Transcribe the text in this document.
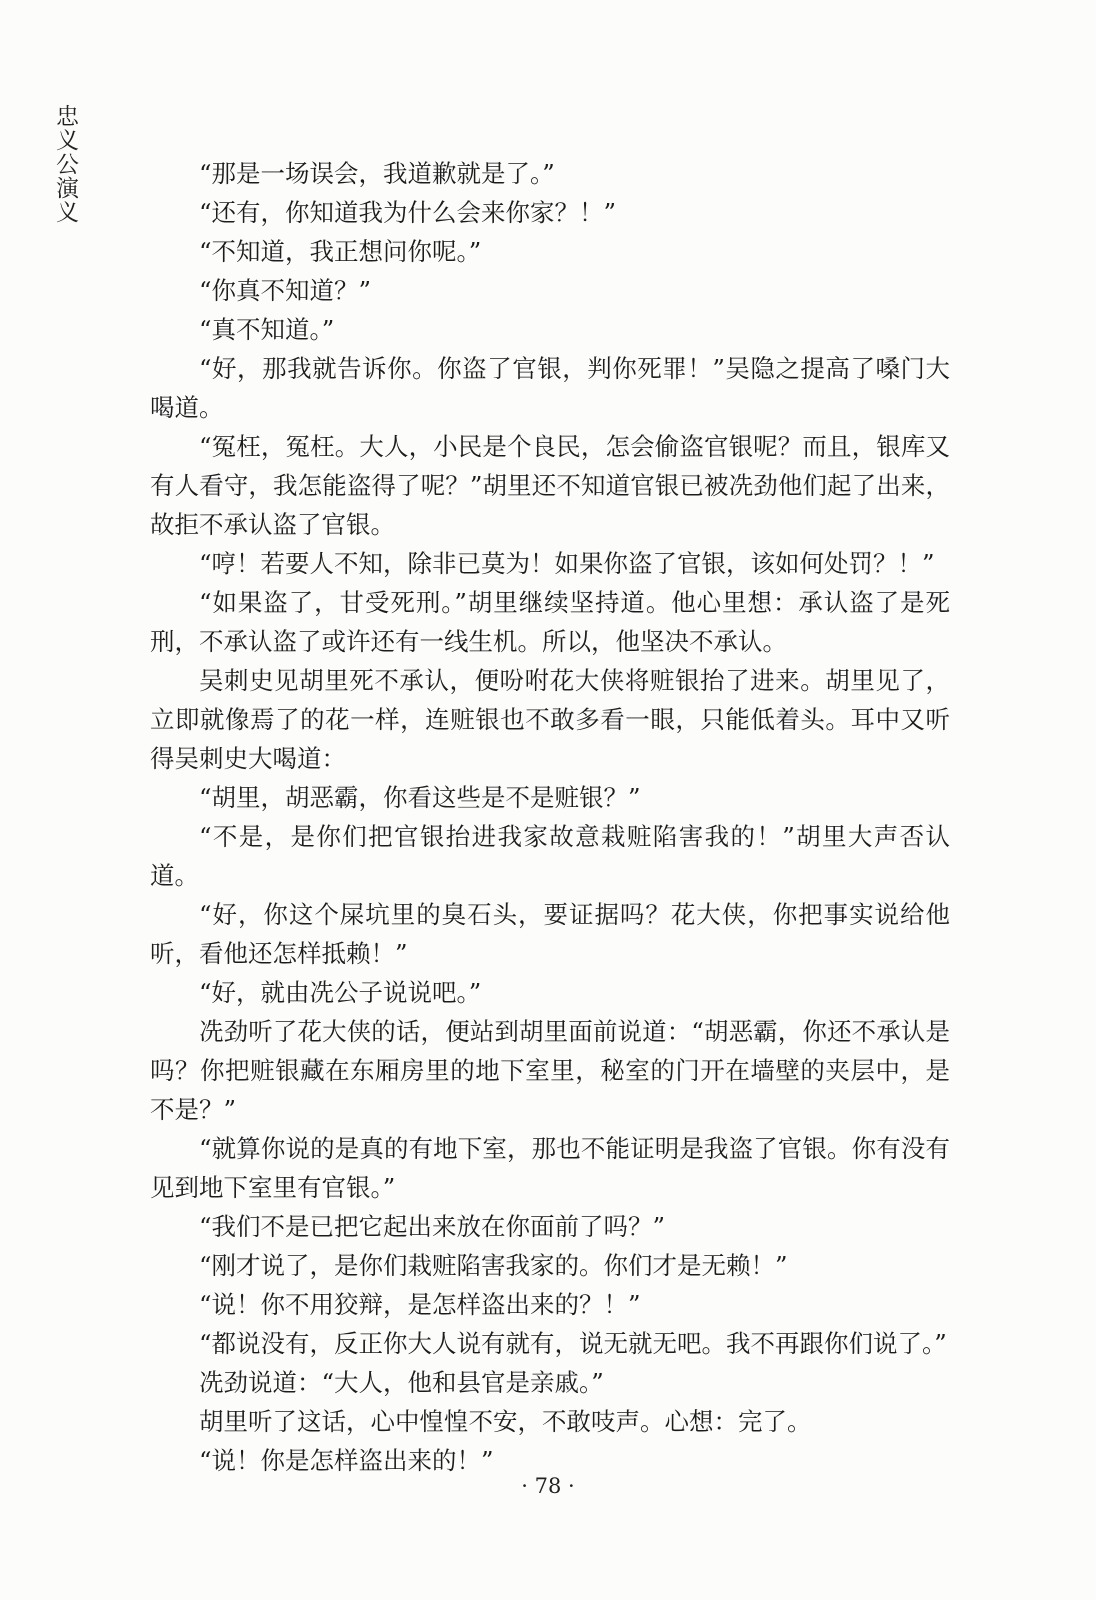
忠义公演义	“那是一场误会，我道歉就是了。”

“还有，你知道我为什么会来你家？！”

“不知道，我正想问你呢。”

“你真不知道？”

“真不知道。”

“好，那我就告诉你。你盗了官银，判你死罪！”吴隐之提高了嗓门大喝道。

“冤枉，冤枉。大人，小民是个良民，怎会偷盗官银呢？而且，银库又有人看守，我怎能盗得了呢？”胡里还不知道官银已被冼劲他们起了出来，故拒不承认盗了官银。

“哼！若要人不知，除非已莫为！如果你盗了官银，该如何处罚？！”

“如果盗了，甘受死刑。”胡里继续坚持道。他心里想：承认盗了是死刑，不承认盗了或许还有一线生机。所以，他坚决不承认。

吴刺史见胡里死不承认，便吩咐花大侠将赃银抬了进来。胡里见了，立即就像焉了的花一样，连赃银也不敢多看一眼，只能低着头。耳中又听得吴刺史大喝道：

“胡里，胡恶霸，你看这些是不是赃银？”

“不是，是你们把官银抬进我家故意栽赃陷害我的！”胡里大声否认道。

“好，你这个屎坑里的臭石头，要证据吗？花大侠，你把事实说给他听，看他还怎样抵赖！”

“好，就由冼公子说说吧。”

冼劲听了花大侠的话，便站到胡里面前说道：“胡恶霸，你还不承认是吗？你把赃银藏在东厢房里的地下室里，秘室的门开在墙壁的夹层中，是不是？”

“就算你说的是真的有地下室，那也不能证明是我盗了官银。你有没有见到地下室里有官银。”

“我们不是已把它起出来放在你面前了吗？”

“刚才说了，是你们栽赃陷害我家的。你们才是无赖！”

“说！你不用狡辩，是怎样盗出来的？！”

“都说没有，反正你大人说有就有，说无就无吧。我不再跟你们说了。”

冼劲说道：“大人，他和县官是亲戚。”

胡里听了这话，心中惶惶不安，不敢吱声。心想：完了。

“说！你是怎样盗出来的！”

· 78 ·
